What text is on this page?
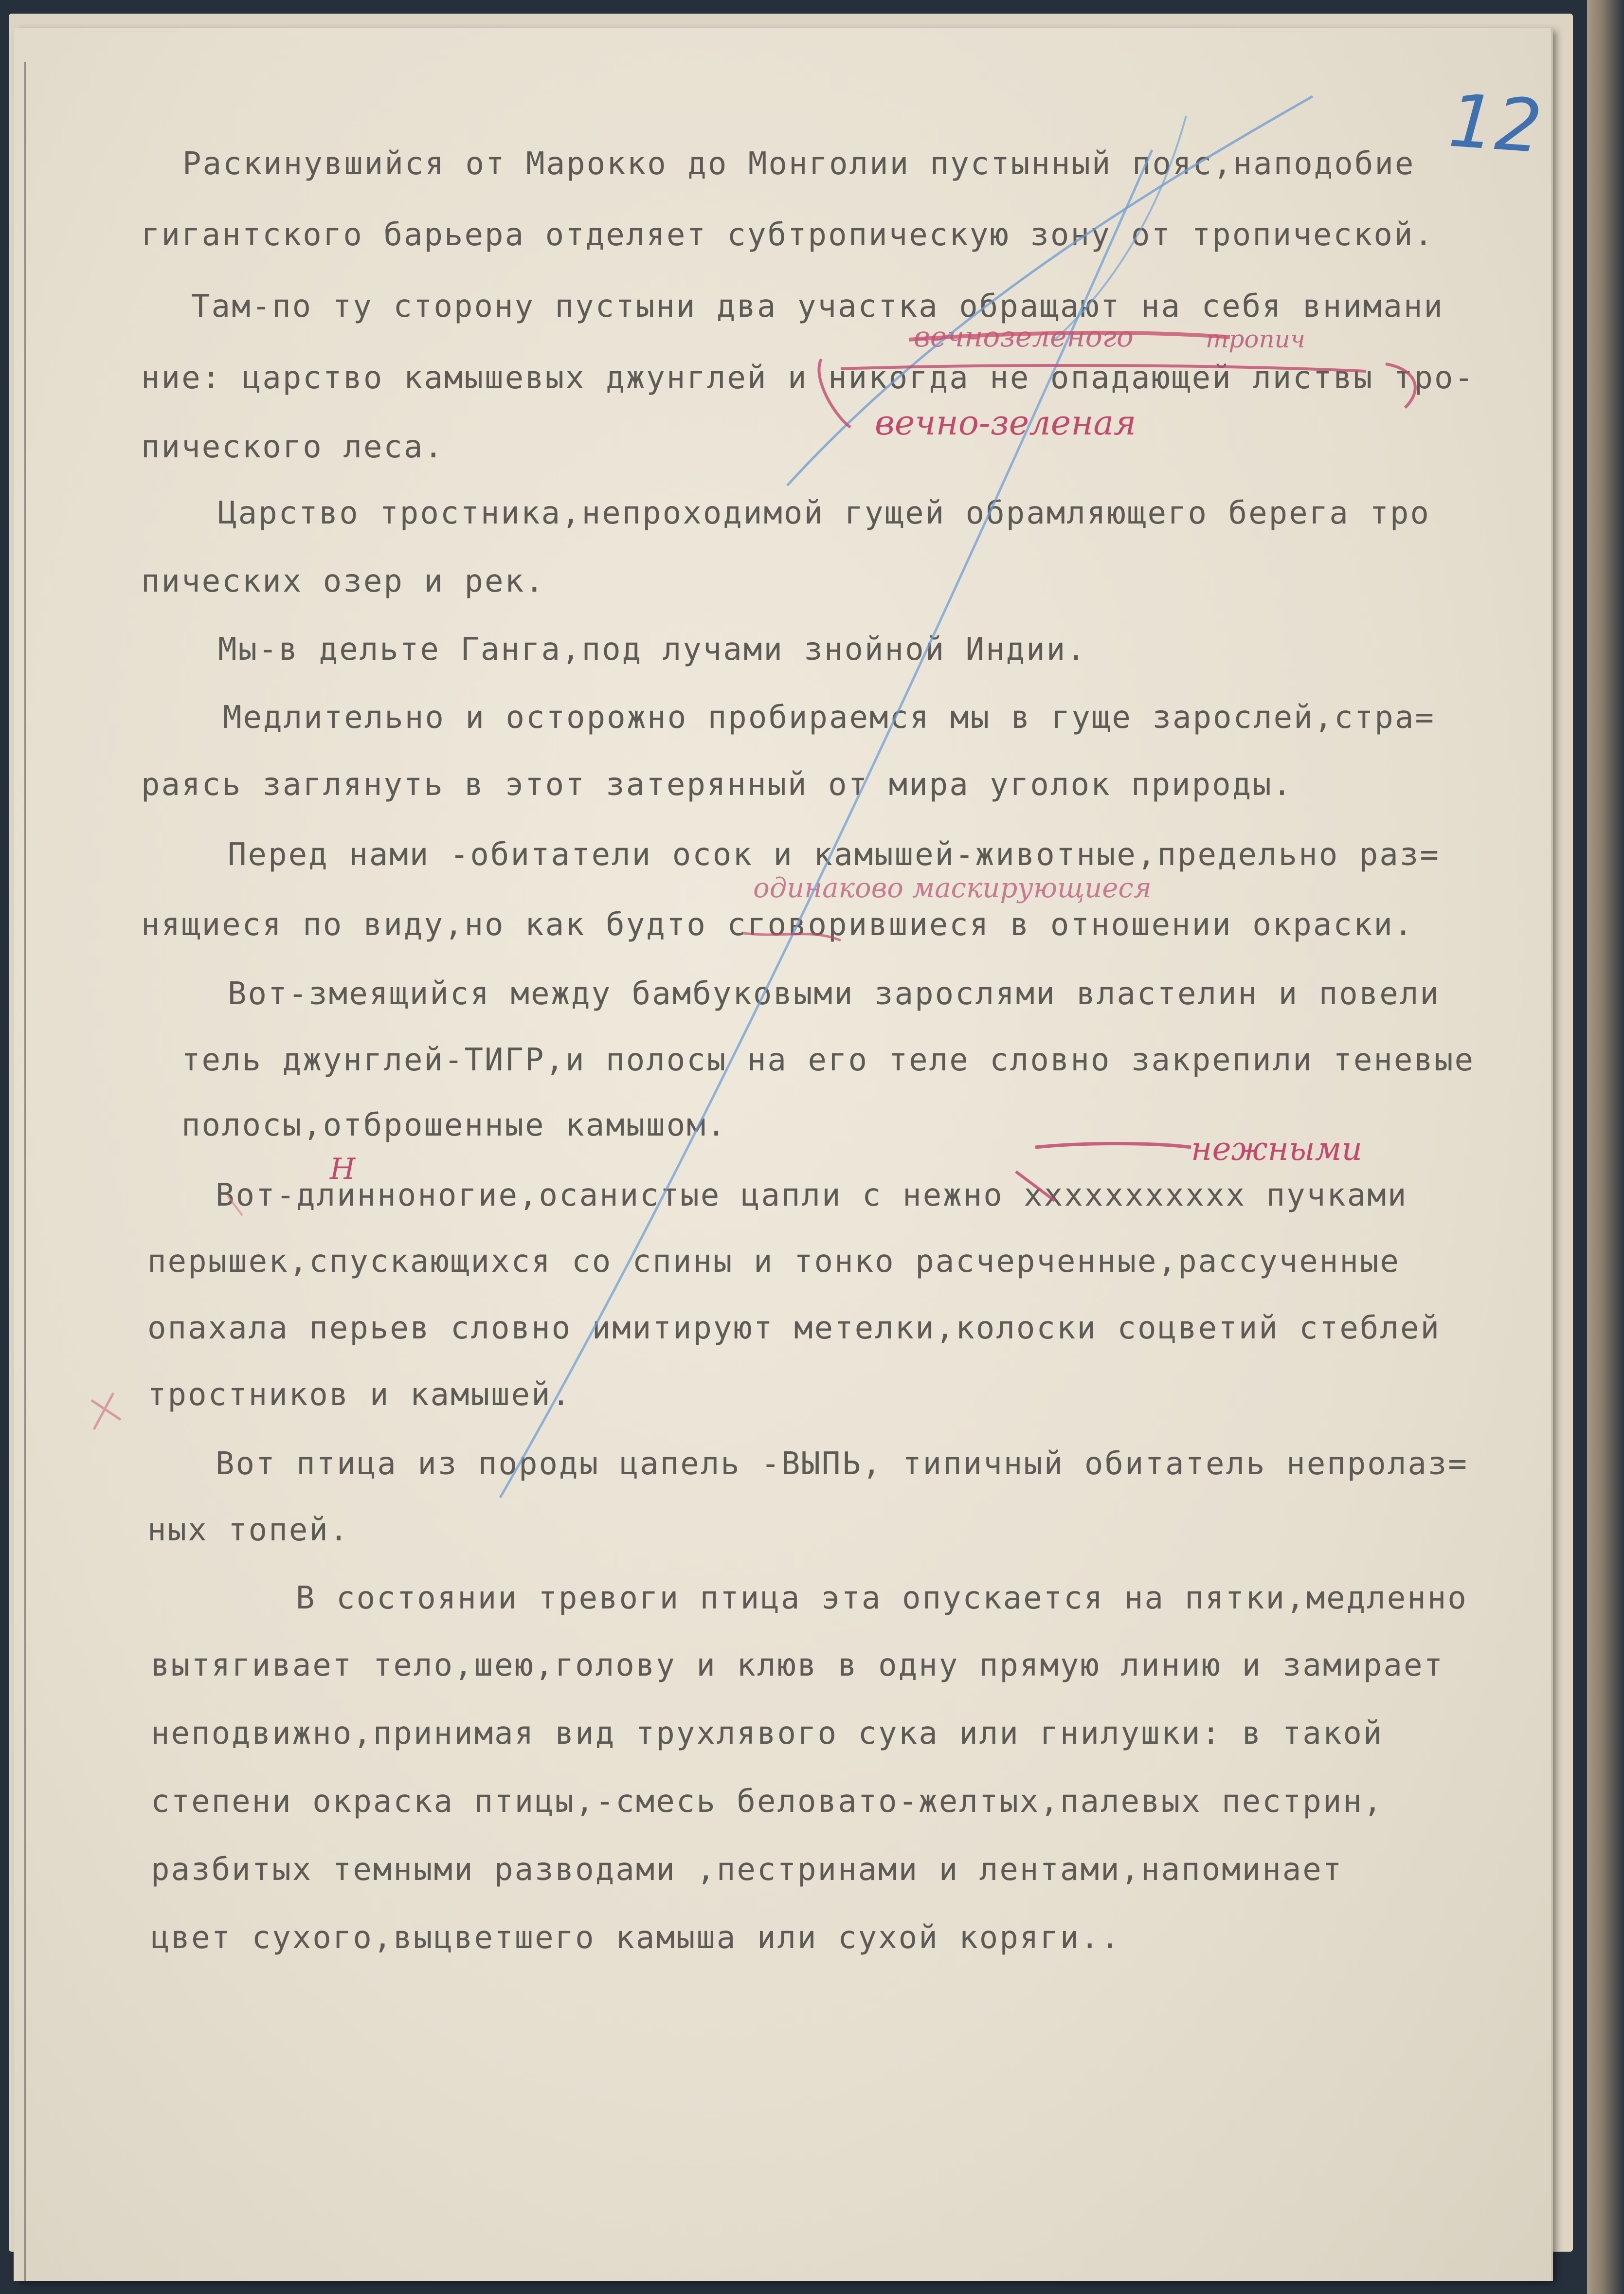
12
Раскинувшийся от Марокко до Монголии пустынный пояс,наподобие
гигантского барьера отделяет субтропическую зону от тропической.
Там-по ту сторону пустыни два участка обращают на себя внимани
ние: царство камышевых джунглей и никогда не опадающей листвы тро-
пического леса.
Царство тростника,непроходимой гущей обрамляющего берега тро
пических озер и рек.
Мы-в дельте Ганга,под лучами знойной Индии.
Медлительно и осторожно пробираемся мы в гуще зарослей,стра=
раясь заглянуть в этот затерянный от мира уголок природы.
Перед нами -обитатели осок и камышей-животные,предельно раз=
нящиеся по виду,но как будто сговорившиеся в отношении окраски.
Вот-змеящийся между бамбуковыми зарослями властелин и повели
тель джунглей-ТИГР,и полосы на его теле словно закрепили теневые
полосы,отброшенные камышом.
Вот-длинноногие,осанистые цапли с нежно xxxxxxxxxxx пучками
перышек,спускающихся со спины и тонко расчерченные,рассученные
опахала перьев словно имитируют метелки,колоски соцветий стеблей
тростников и камышей.
Вот птица из породы цапель -ВЫПЬ, типичный обитатель непролаз=
ных топей.
В состоянии тревоги птица эта опускается на пятки,медленно
вытягивает тело,шею,голову и клюв в одну прямую линию и замирает
неподвижно,принимая вид трухлявого сука или гнилушки: в такой
степени окраска птицы,-смесь беловато-желтых,палевых пестрин,
разбитых темными разводами ,пестринами и лентами,напоминает
цвет сухого,выцветшего камыша или сухой коряги..
вечнозеленого	тропич
вечно-зеленая
одинаково маскирующиеся
нежными
Н
